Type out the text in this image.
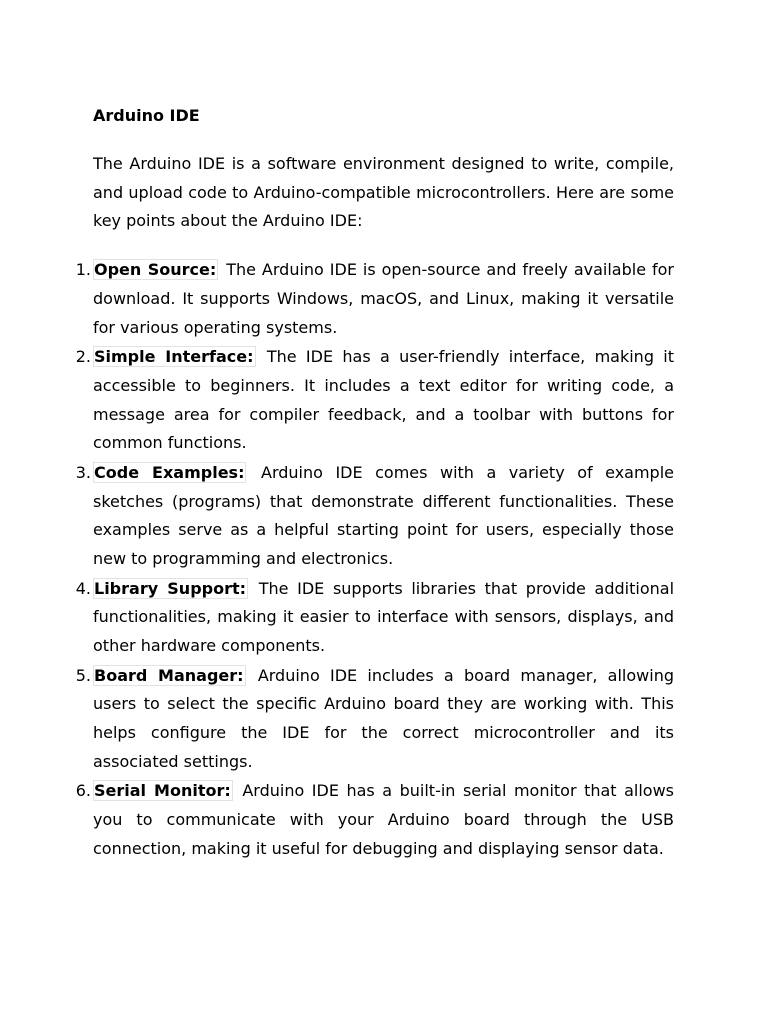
Arduino IDE

The Arduino IDE is a software environment designed to write, compile, and upload code to Arduino-compatible microcontrollers. Here are some key points about the Arduino IDE:

1. Open Source: The Arduino IDE is open-source and freely available for download. It supports Windows, macOS, and Linux, making it versatile for various operating systems.
2. Simple Interface: The IDE has a user-friendly interface, making it accessible to beginners. It includes a text editor for writing code, a message area for compiler feedback, and a toolbar with buttons for common functions.
3. Code Examples: Arduino IDE comes with a variety of example sketches (programs) that demonstrate different functionalities. These examples serve as a helpful starting point for users, especially those new to programming and electronics.
4. Library Support: The IDE supports libraries that provide additional functionalities, making it easier to interface with sensors, displays, and other hardware components.
5. Board Manager: Arduino IDE includes a board manager, allowing users to select the specific Arduino board they are working with. This helps configure the IDE for the correct microcontroller and its associated settings.
6. Serial Monitor: Arduino IDE has a built-in serial monitor that allows you to communicate with your Arduino board through the USB connection, making it useful for debugging and displaying sensor data.
